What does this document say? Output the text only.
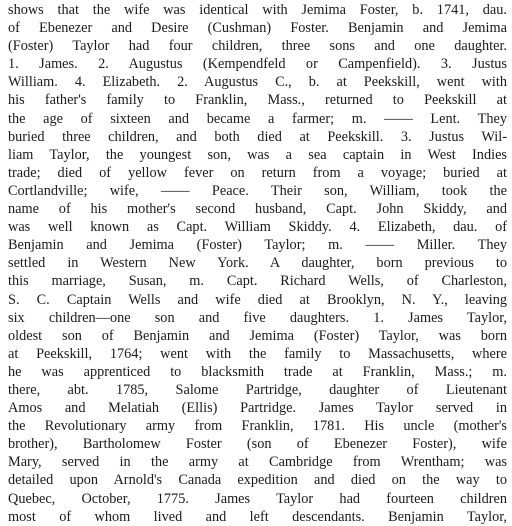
shows that the wife was identical with Jemima Foster, b. 1741, dau.
of Ebenezer and Desire (Cushman) Foster. Benjamin and Jemima
(Foster) Taylor had four children, three sons and one daughter.
1. James. 2. Augustus (Kempendfeld or Campenfield). 3. Justus
William. 4. Elizabeth. 2. Augustus C., b. at Peekskill, went with
his father's family to Franklin, Mass., returned to Peekskill at
the age of sixteen and became a farmer; m. —— Lent. They
buried three children, and both died at Peekskill. 3. Justus Wil-
liam Taylor, the youngest son, was a sea captain in West Indies
trade; died of yellow fever on return from a voyage; buried at
Cortlandville; wife, —— Peace. Their son, William, took the
name of his mother's second husband, Capt. John Skiddy, and
was well known as Capt. William Skiddy. 4. Elizabeth, dau. of
Benjamin and Jemima (Foster) Taylor; m. —— Miller. They
settled in Western New York. A daughter, born previous to
this marriage, Susan, m. Capt. Richard Wells, of Charleston,
S. C. Captain Wells and wife died at Brooklyn, N. Y., leaving
six children—one son and five daughters. 1. James Taylor,
oldest son of Benjamin and Jemima (Foster) Taylor, was born
at Peekskill, 1764; went with the family to Massachusetts, where
he was apprenticed to blacksmith trade at Franklin, Mass.; m.
there, abt. 1785, Salome Partridge, daughter of Lieutenant
Amos and Melatiah (Ellis) Partridge. James Taylor served in
the Revolutionary army from Franklin, 1781. His uncle (mother's
brother), Bartholomew Foster (son of Ebenezer Foster), wife
Mary, served in the army at Cambridge from Wrentham; was
detailed upon Arnold's Canada expedition and died on the way to
Quebec, October, 1775. James Taylor had fourteen children
most of whom lived and left descendants. Benjamin Taylor,
